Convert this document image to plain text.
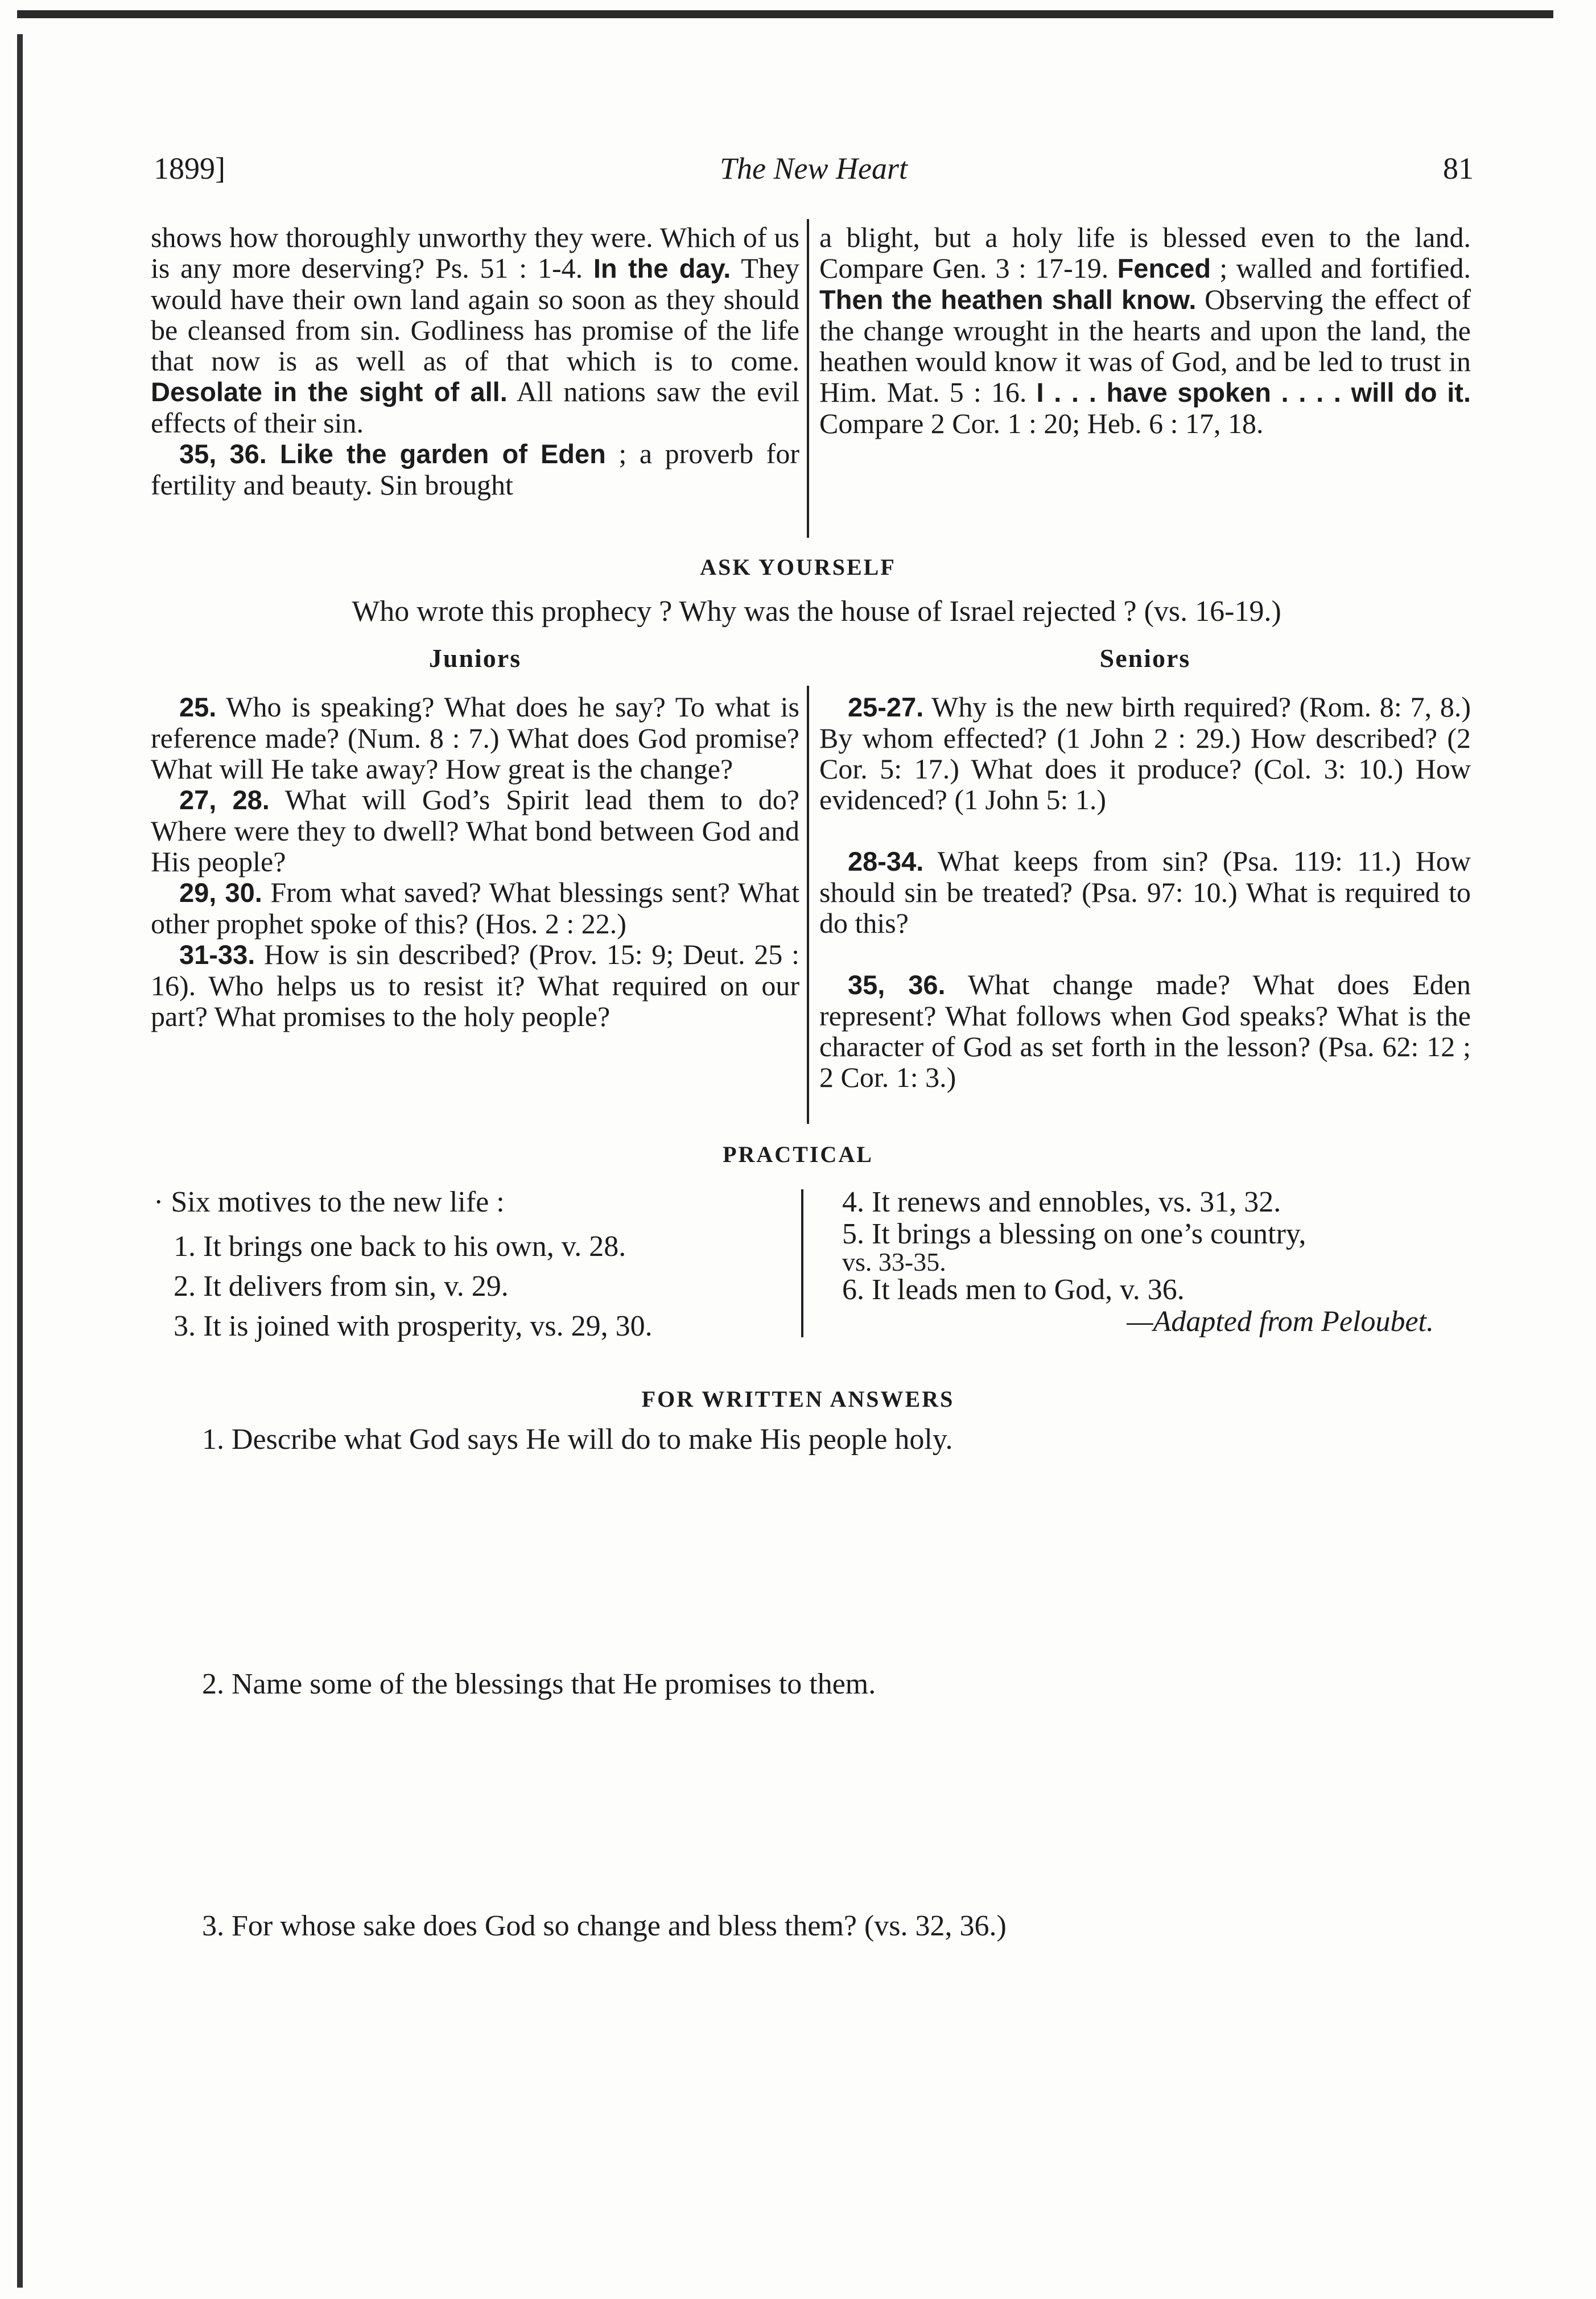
1899]	The New Heart	81

shows how thoroughly unworthy they were. Which of us is any more deserving? Ps. 51 : 1-4. In the day. They would have their own land again so soon as they should be cleansed from sin. Godliness has promise of the life that now is as well as of that which is to come. Desolate in the sight of all. All nations saw the evil effects of their sin.

35, 36. Like the garden of Eden ; a proverb for fertility and beauty. Sin brought

a blight, but a holy life is blessed even to the land. Compare Gen. 3 : 17-19. Fenced ; walled and fortified. Then the heathen shall know. Observing the effect of the change wrought in the hearts and upon the land, the heathen would know it was of God, and be led to trust in Him. Mat. 5 : 16. I . . . have spoken . . . . will do it. Compare 2 Cor. 1 : 20; Heb. 6 : 17, 18.

ASK YOURSELF
Who wrote this prophecy ? Why was the house of Israel rejected ? (vs. 16-19.)
Juniors	Seniors

25. Who is speaking? What does he say? To what is reference made? (Num. 8 : 7.) What does God promise? What will He take away? How great is the change?

27, 28. What will God’s Spirit lead them to do? Where were they to dwell? What bond between God and His people?

29, 30. From what saved? What blessings sent? What other prophet spoke of this? (Hos. 2 : 22.)

31-33. How is sin described? (Prov. 15: 9; Deut. 25 : 16). Who helps us to resist it? What required on our part? What promises to the holy people?

25-27. Why is the new birth required? (Rom. 8: 7, 8.) By whom effected? (1 John 2 : 29.) How described? (2 Cor. 5: 17.) What does it produce? (Col. 3: 10.) How evidenced? (1 John 5: 1.)

28-34. What keeps from sin? (Psa. 119: 11.) How should sin be treated? (Psa. 97: 10.) What is required to do this?

35, 36. What change made? What does Eden represent? What follows when God speaks? What is the character of God as set forth in the lesson? (Psa. 62: 12 ; 2 Cor. 1: 3.)

PRACTICAL
· Six motives to the new life :
1. It brings one back to his own, v. 28.
2. It delivers from sin, v. 29.
3. It is joined with prosperity, vs. 29, 30.
4. It renews and ennobles, vs. 31, 32.
5. It brings a blessing on one’s country,
vs. 33-35.
6. It leads men to God, v. 36.
—Adapted from Peloubet.
FOR WRITTEN ANSWERS
1. Describe what God says He will do to make His people holy.
2. Name some of the blessings that He promises to them.
3. For whose sake does God so change and bless them? (vs. 32, 36.)
